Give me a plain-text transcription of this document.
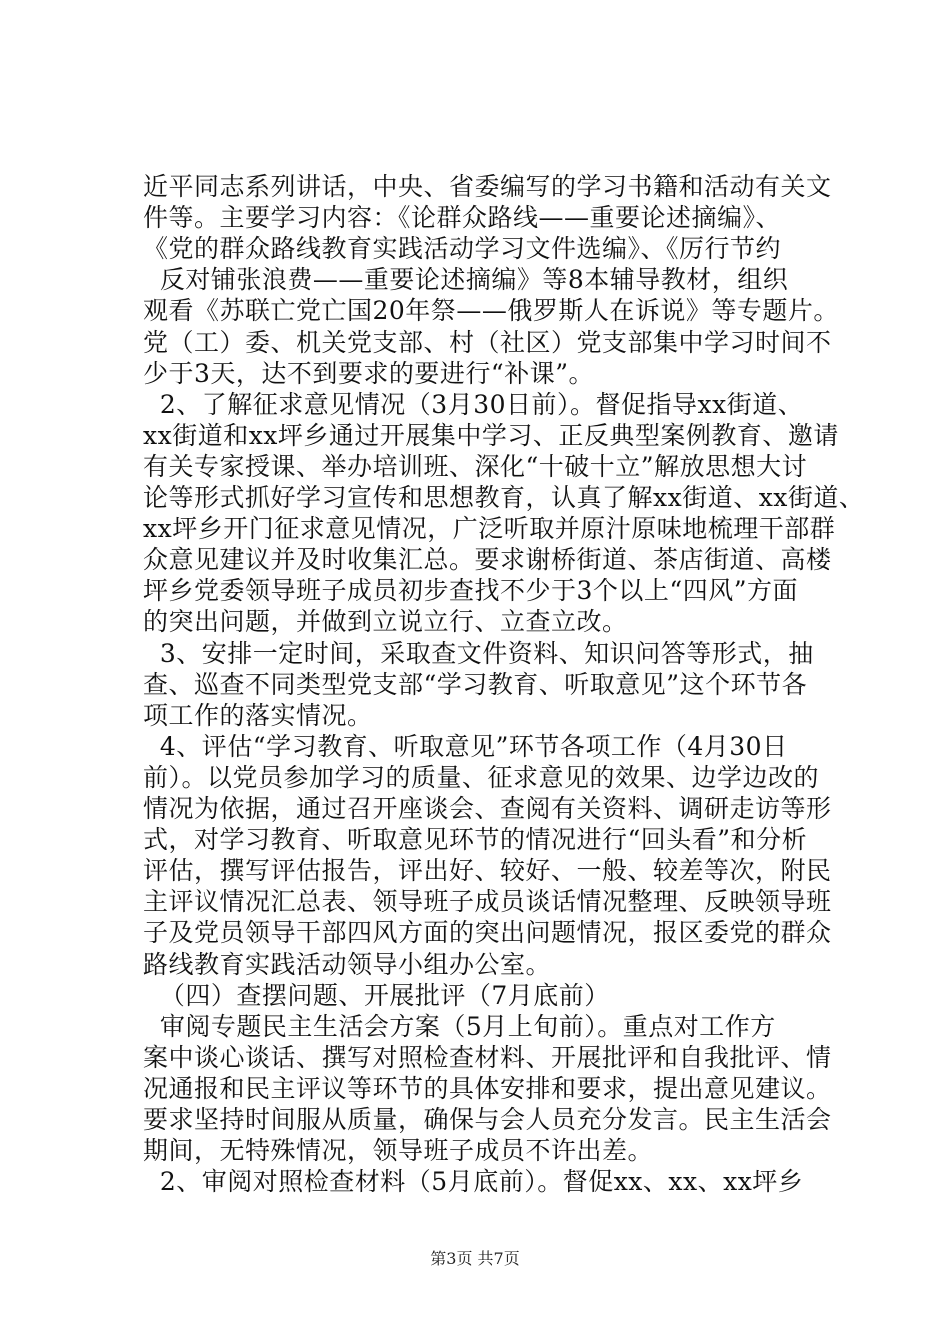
近平同志系列讲话，中央、省委编写的学习书籍和活动有关文
件等。主要学习内容：《论群众路线——重要论述摘编》、
《党的群众路线教育实践活动学习文件选编》、《厉行节约
反对铺张浪费——重要论述摘编》等8本辅导教材，组织
观看《苏联亡党亡国20年祭——俄罗斯人在诉说》等专题片。
党（工）委、机关党支部、村（社区）党支部集中学习时间不
少于3天，达不到要求的要进行“补课”。
2、了解征求意见情况（3月30日前）。督促指导xx街道、
xx街道和xx坪乡通过开展集中学习、正反典型案例教育、邀请
有关专家授课、举办培训班、深化“十破十立”解放思想大讨
论等形式抓好学习宣传和思想教育，认真了解xx街道、xx街道、
xx坪乡开门征求意见情况，广泛听取并原汁原味地梳理干部群
众意见建议并及时收集汇总。要求谢桥街道、茶店街道、高楼
坪乡党委领导班子成员初步查找不少于3个以上“四风”方面
的突出问题，并做到立说立行、立查立改。
3、安排一定时间，采取查文件资料、知识问答等形式，抽
查、巡查不同类型党支部“学习教育、听取意见”这个环节各
项工作的落实情况。
4、评估“学习教育、听取意见”环节各项工作（4月30日
前）。以党员参加学习的质量、征求意见的效果、边学边改的
情况为依据，通过召开座谈会、查阅有关资料、调研走访等形
式，对学习教育、听取意见环节的情况进行“回头看”和分析
评估，撰写评估报告，评出好、较好、一般、较差等次，附民
主评议情况汇总表、领导班子成员谈话情况整理、反映领导班
子及党员领导干部四风方面的突出问题情况，报区委党的群众
路线教育实践活动领导小组办公室。
（四）查摆问题、开展批评（7月底前）
审阅专题民主生活会方案（5月上旬前）。重点对工作方
案中谈心谈话、撰写对照检查材料、开展批评和自我批评、情
况通报和民主评议等环节的具体安排和要求，提出意见建议。
要求坚持时间服从质量，确保与会人员充分发言。民主生活会
期间，无特殊情况，领导班子成员不许出差。
2、审阅对照检查材料（5月底前）。督促xx、xx、xx坪乡
第3页 共7页
